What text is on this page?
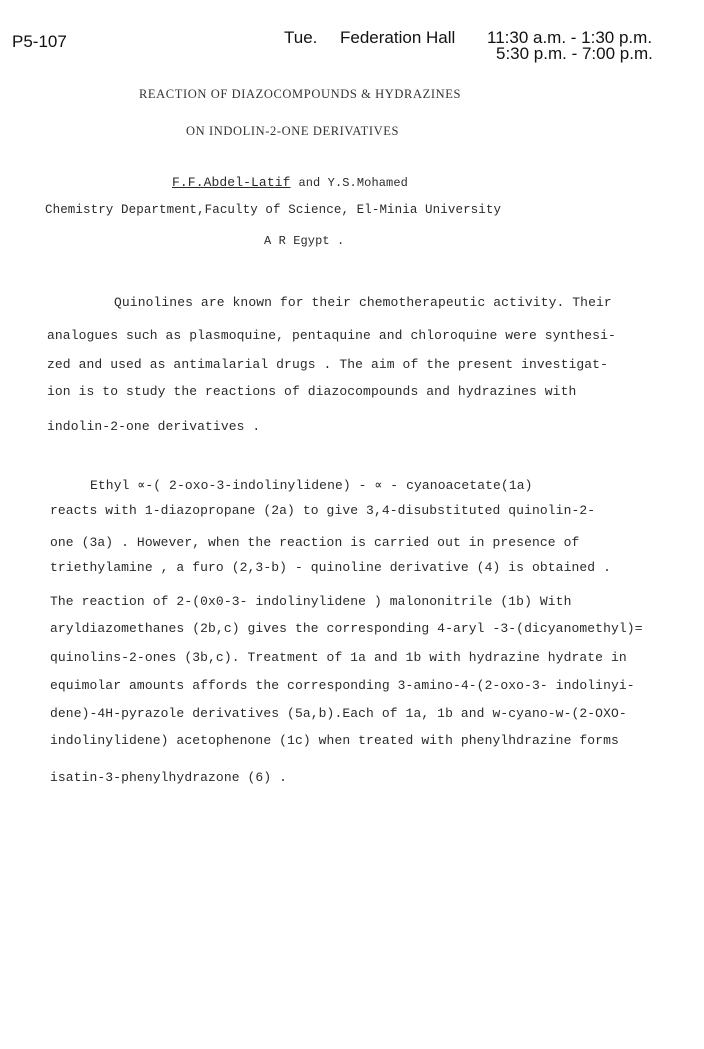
P5-107	Tue. Federation Hall 11:30 a.m. - 1:30 p.m.
5:30 p.m. - 7:00 p.m.
REACTION OF DIAZOCOMPOUNDS & HYDRAZINES
ON INDOLIN-2-ONE DERIVATIVES
F.F.Abdel-Latif and Y.S.Mohamed
Chemistry Department,Faculty of Science, El-Minia University
A R Egypt .
Quinolines are known for their chemotherapeutic activity. Their
analogues such as plasmoquine, pentaquine and chloroquine were synthesi-
zed and used as antimalarial drugs . The aim of the present investigat-
ion is to study the reactions of diazocompounds and hydrazines with
indolin-2-one derivatives .
Ethyl ∝-( 2-oxo-3-indolinylidene) - ∝ - cyanoacetate(1a)
reacts with 1-diazopropane (2a) to give 3,4-disubstituted quinolin-2-
one (3a) . However, when the reaction is carried out in presence of
triethylamine , a furo (2,3-b) - quinoline derivative (4) is obtained .
The reaction of 2-(0x0-3- indolinylidene ) malononitrile (1b) With
aryldiazomethanes (2b,c) gives the corresponding 4-aryl -3-(dicyanomethyl)=
quinolins-2-ones (3b,c). Treatment of 1a and 1b with hydrazine hydrate in
equimolar amounts affords the corresponding 3-amino-4-(2-oxo-3- indolinyi-
dene)-4H-pyrazole derivatives (5a,b).Each of 1a, 1b and w-cyano-w-(2-OXO-
indolinylidene) acetophenone (1c) when treated with phenylhdrazine forms
isatin-3-phenylhydrazone (6) .
